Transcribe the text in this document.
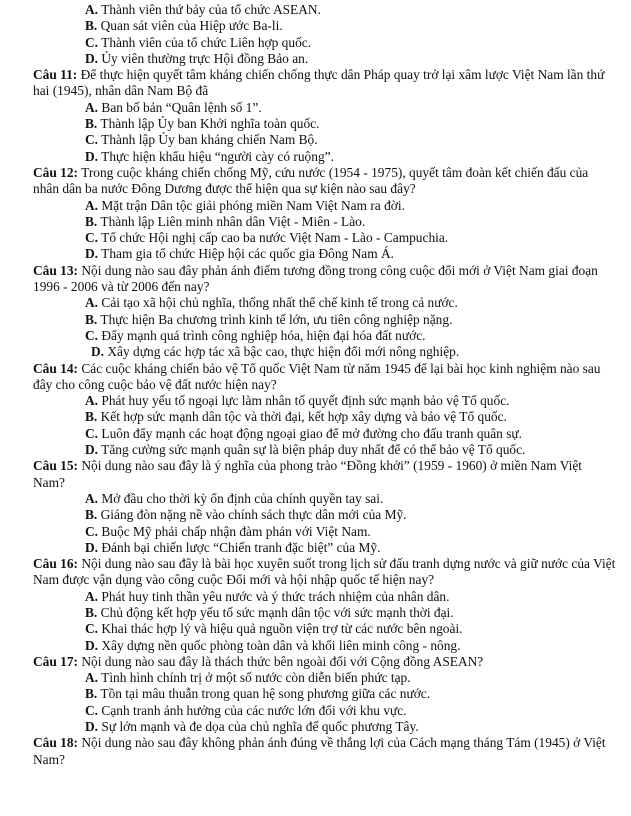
A. Thành viên thứ bảy của tổ chức ASEAN.

B. Quan sát viên của Hiệp ước Ba-li.

C. Thành viên của tổ chức Liên hợp quốc.

D. Ủy viên thường trực Hội đồng Bảo an.

Câu 11: Để thực hiện quyết tâm kháng chiến chống thực dân Pháp quay trở lại xâm lược Việt Nam lần thứ hai (1945), nhân dân Nam Bộ đã

A. Ban bố bản “Quân lệnh số 1”.

B. Thành lập Ủy ban Khởi nghĩa toàn quốc.

C. Thành lập Ủy ban kháng chiến Nam Bộ.

D. Thực hiện khẩu hiệu “người cày có ruộng”.

Câu 12: Trong cuộc kháng chiến chống Mỹ, cứu nước (1954 - 1975), quyết tâm đoàn kết chiến đấu của nhân dân ba nước Đông Dương được thể hiện qua sự kiện nào sau đây?

A. Mặt trận Dân tộc giải phóng miền Nam Việt Nam ra đời.

B. Thành lập Liên minh nhân dân Việt - Miên - Lào.

C. Tổ chức Hội nghị cấp cao ba nước Việt Nam - Lào - Campuchia.

D. Tham gia tổ chức Hiệp hội các quốc gia Đông Nam Á.

Câu 13: Nội dung nào sau đây phản ánh điểm tương đồng trong công cuộc đổi mới ở Việt Nam giai đoạn 1996 - 2006 và từ 2006 đến nay?

A. Cải tạo xã hội chủ nghĩa, thống nhất thể chế kinh tế trong cả nước.

B. Thực hiện Ba chương trình kinh tế lớn, ưu tiên công nghiệp nặng.

C. Đẩy mạnh quá trình công nghiệp hóa, hiện đại hóa đất nước.

D. Xây dựng các hợp tác xã bậc cao, thực hiện đổi mới nông nghiệp.

Câu 14: Các cuộc kháng chiến bảo vệ Tổ quốc Việt Nam từ năm 1945 để lại bài học kinh nghiệm nào sau đây cho công cuộc bảo vệ đất nước hiện nay?

A. Phát huy yếu tố ngoại lực làm nhân tố quyết định sức mạnh bảo vệ Tổ quốc.

B. Kết hợp sức mạnh dân tộc và thời đại, kết hợp xây dựng và bảo vệ Tổ quốc.

C. Luôn đẩy mạnh các hoạt động ngoại giao để mở đường cho đấu tranh quân sự.

D. Tăng cường sức mạnh quân sự là biện pháp duy nhất để có thể bảo vệ Tổ quốc.

Câu 15: Nội dung nào sau đây là ý nghĩa của phong trào “Đồng khởi” (1959 - 1960) ở miền Nam Việt Nam?

A. Mở đầu cho thời kỳ ổn định của chính quyền tay sai.

B. Giáng đòn nặng nề vào chính sách thực dân mới của Mỹ.

C. Buộc Mỹ phải chấp nhận đàm phán với Việt Nam.

D. Đánh bại chiến lược “Chiến tranh đặc biệt” của Mỹ.

Câu 16: Nội dung nào sau đây là bài học xuyên suốt trong lịch sử đấu tranh dựng nước và giữ nước của Việt Nam được vận dụng vào công cuộc Đổi mới và hội nhập quốc tế hiện nay?

A. Phát huy tinh thần yêu nước và ý thức trách nhiệm của nhân dân.

B. Chủ động kết hợp yếu tố sức mạnh dân tộc với sức mạnh thời đại.

C. Khai thác hợp lý và hiệu quả nguồn viện trợ từ các nước bên ngoài.

D. Xây dựng nền quốc phòng toàn dân và khối liên minh công - nông.

Câu 17: Nội dung nào sau đây là thách thức bên ngoài đối với Cộng đồng ASEAN?

A. Tình hình chính trị ở một số nước còn diễn biến phức tạp.

B. Tồn tại mâu thuẫn trong quan hệ song phương giữa các nước.

C. Cạnh tranh ảnh hưởng của các nước lớn đối với khu vực.

D. Sự lớn mạnh và đe dọa của chủ nghĩa đế quốc phương Tây.

Câu 18: Nội dung nào sau đây không phản ánh đúng về thắng lợi của Cách mạng tháng Tám (1945) ở Việt Nam?
